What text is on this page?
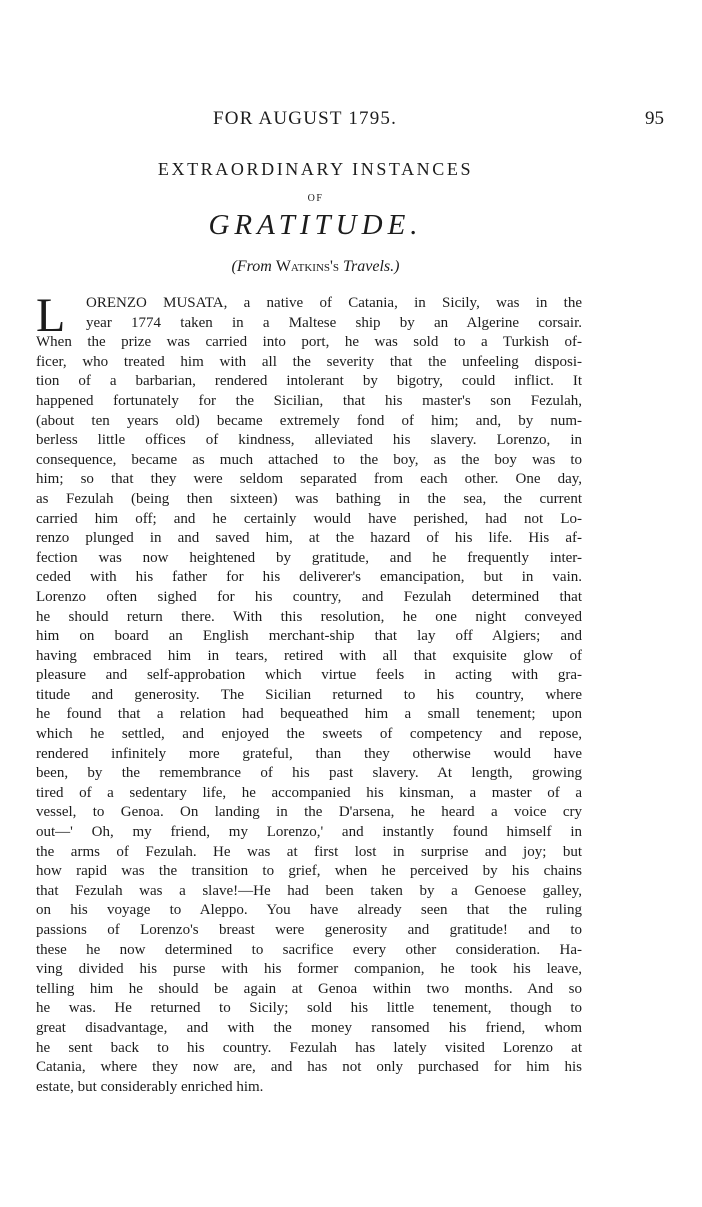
FOR AUGUST 1795.	95
EXTRAORDINARY INSTANCES
OF
GRATITUDE.
(From Watkins's Travels.)
L	ORENZO MUSATA, a native of Catania, in Sicily, was in the
year 1774 taken in a Maltese ship by an Algerine corsair.
When the prize was carried into port, he was sold to a Turkish of-
ficer, who treated him with all the severity that the unfeeling disposi-
tion of a barbarian, rendered intolerant by bigotry, could inflict. It
happened fortunately for the Sicilian, that his master's son Fezulah,
(about ten years old) became extremely fond of him; and, by num-
berless little offices of kindness, alleviated his slavery. Lorenzo, in
consequence, became as much attached to the boy, as the boy was to
him; so that they were seldom separated from each other. One day,
as Fezulah (being then sixteen) was bathing in the sea, the current
carried him off; and he certainly would have perished, had not Lo-
renzo plunged in and saved him, at the hazard of his life. His af-
fection was now heightened by gratitude, and he frequently inter-
ceded with his father for his deliverer's emancipation, but in vain.
Lorenzo often sighed for his country, and Fezulah determined that
he should return there. With this resolution, he one night conveyed
him on board an English merchant-ship that lay off Algiers; and
having embraced him in tears, retired with all that exquisite glow of
pleasure and self-approbation which virtue feels in acting with gra-
titude and generosity. The Sicilian returned to his country, where
he found that a relation had bequeathed him a small tenement; upon
which he settled, and enjoyed the sweets of competency and repose,
rendered infinitely more grateful, than they otherwise would have
been, by the remembrance of his past slavery. At length, growing
tired of a sedentary life, he accompanied his kinsman, a master of a
vessel, to Genoa. On landing in the D'arsena, he heard a voice cry
out—' Oh, my friend, my Lorenzo,' and instantly found himself in
the arms of Fezulah. He was at first lost in surprise and joy; but
how rapid was the transition to grief, when he perceived by his chains
that Fezulah was a slave!—He had been taken by a Genoese galley,
on his voyage to Aleppo. You have already seen that the ruling
passions of Lorenzo's breast were generosity and gratitude! and to
these he now determined to sacrifice every other consideration. Ha-
ving divided his purse with his former companion, he took his leave,
telling him he should be again at Genoa within two months. And so
he was. He returned to Sicily; sold his little tenement, though to
great disadvantage, and with the money ransomed his friend, whom
he sent back to his country. Fezulah has lately visited Lorenzo at
Catania, where they now are, and has not only purchased for him his
estate, but considerably enriched him.
